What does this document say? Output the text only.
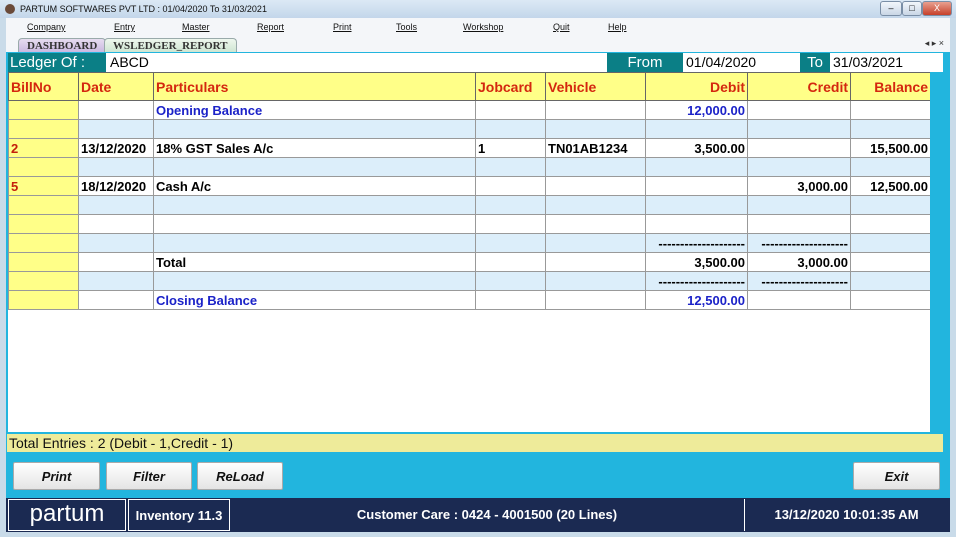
PARTUM SOFTWARES PVT LTD : 01/04/2020 To 31/03/2021	–	□	X
Company	Entry	Master	Report	Print	Tools	Workshop	Quit	Help
DASHBOARD	WSLEDGER_REPORT	◂ ▸ ×
Ledger Of :	ABCD	From	01/04/2020	To 31/03/2021
BillNo	Date	Particulars	Jobcard	Vehicle	Debit	Credit	Balance
		Opening Balance			12,000.00		

2	13/12/2020	18% GST Sales A/c	1	TN01AB1234	3,500.00		15,500.00

5	18/12/2020	Cash A/c				3,000.00	12,500.00

					--------------------	--------------------	
		Total			3,500.00	3,000.00	
					--------------------	--------------------	
		Closing Balance			12,500.00		
Total Entries : 2 (Debit - 1,Credit - 1)
Print	Filter	ReLoad	Exit
partum	Inventory 11.3	Customer Care : 0424 - 4001500 (20 Lines)	13/12/2020 10:01:35 AM
